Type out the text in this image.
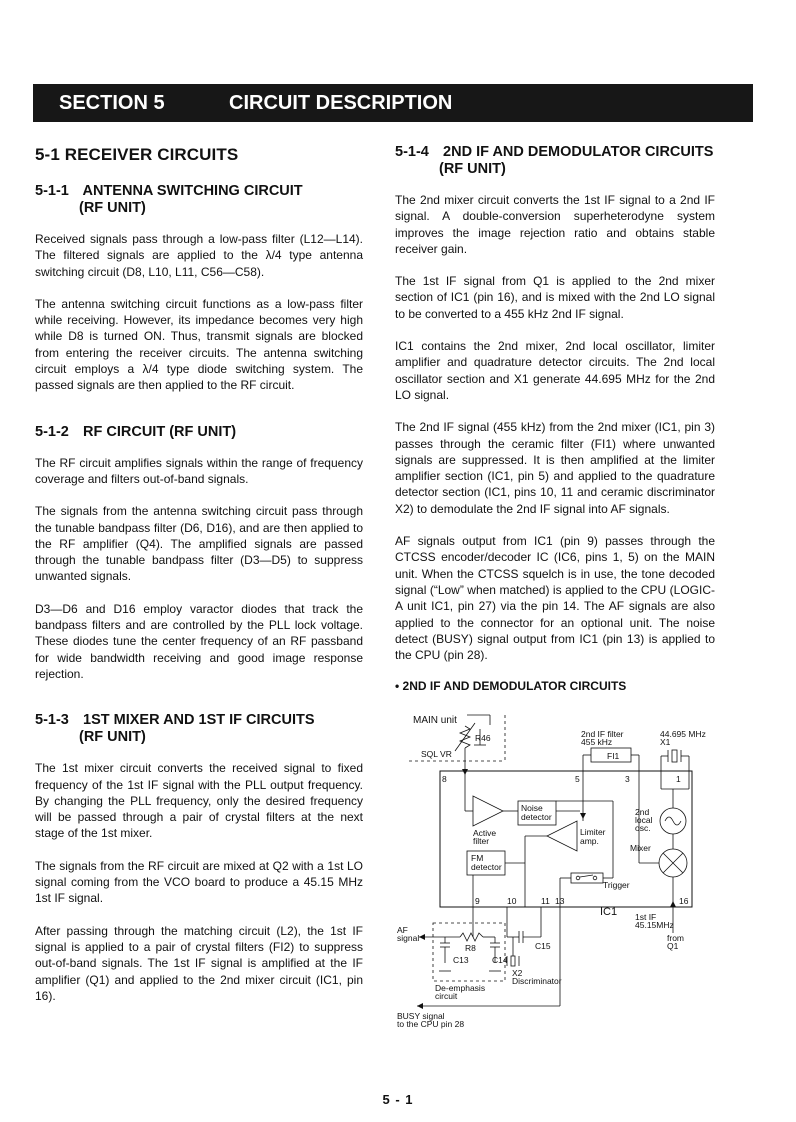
SECTION 5	CIRCUIT DESCRIPTION
5-1 RECEIVER CIRCUITS
5-1-1 ANTENNA SWITCHING CIRCUIT
(RF UNIT)

Received signals pass through a low-pass filter (L12—L14). The filtered signals are applied to the λ/4 type antenna switching circuit (D8, L10, L11, C56—C58).

The antenna switching circuit functions as a low-pass filter while receiving. However, its impedance becomes very high while D8 is turned ON. Thus, transmit signals are blocked from entering the receiver circuits. The antenna switching circuit employs a λ/4 type diode switching system. The passed signals are then applied to the RF circuit.

5-1-2 RF CIRCUIT (RF UNIT)

The RF circuit amplifies signals within the range of frequency coverage and filters out-of-band signals.

The signals from the antenna switching circuit pass through the tunable bandpass filter (D6, D16), and are then applied to the RF amplifier (Q4). The amplified signals are passed through the tunable bandpass filter (D3—D5) to suppress unwanted signals.

D3—D6 and D16 employ varactor diodes that track the bandpass filters and are controlled by the PLL lock voltage. These diodes tune the center frequency of an RF passband for wide bandwidth receiving and good image response rejection.

5-1-3 1ST MIXER AND 1ST IF CIRCUITS
(RF UNIT)

The 1st mixer circuit converts the received signal to fixed frequency of the 1st IF signal with the PLL output frequency. By changing the PLL frequency, only the desired frequency will be passed through a pair of crystal filters at the next stage of the 1st mixer.

The signals from the RF circuit are mixed at Q2 with a 1st LO signal coming from the VCO board to produce a 45.15 MHz 1st IF signal.

After passing through the matching circuit (L2), the 1st IF signal is applied to a pair of crystal filters (FI2) to suppress out-of-band signals. The 1st IF signal is amplified at the IF amplifier (Q1) and applied to the 2nd mixer circuit (IC1, pin 16).

5-1-4 2ND IF AND DEMODULATOR CIRCUITS
(RF UNIT)

The 2nd mixer circuit converts the 1st IF signal to a 2nd IF signal. A double-conversion superheterodyne system improves the image rejection ratio and obtains stable receiver gain.

The 1st IF signal from Q1 is applied to the 2nd mixer section of IC1 (pin 16), and is mixed with the 2nd LO signal to be converted to a 455 kHz 2nd IF signal.

IC1 contains the 2nd mixer, 2nd local oscillator, limiter amplifier and quadrature detector circuits. The 2nd local oscillator section and X1 generate 44.695 MHz for the 2nd LO signal.

The 2nd IF signal (455 kHz) from the 2nd mixer (IC1, pin 3) passes through the ceramic filter (FI1) where unwanted signals are suppressed. It is then amplified at the limiter amplifier section (IC1, pin 5) and applied to the quadrature detector section (IC1, pins 10, 11 and ceramic discriminator X2) to demodulate the 2nd IF signal into AF signals.

AF signals output from IC1 (pin 9) passes through the CTCSS encoder/decoder IC (IC6, pins 1, 5) on the MAIN unit. When the CTCSS squelch is in use, the tone decoded signal (“Low” when matched) is applied to the CPU (LOGIC-A unit IC1, pin 27) via the pin 14. The AF signals are also applied to the connector for an optional unit. The noise detect (BUSY) signal output from IC1 (pin 13) is applied to the CPU (pin 28).

• 2ND IF AND DEMODULATOR CIRCUITS
MAIN unit
R46
SQL VR
2nd IF filter
455 kHz
44.695 MHz
X1
FI1
8	5	3	1
Noise
detector
Active
filter
2nd
local
osc.
Limiter
amp.
Mixer
FM
detector
Trigger
9	10	11 13	16
IC1 1st IF
45.15MHz
from
Q1
AF
signal
R8
C13	C14
De-emphasis
circuit
C15
X2
Discriminator
BUSY signal
to the CPU pin 28
5 - 1
